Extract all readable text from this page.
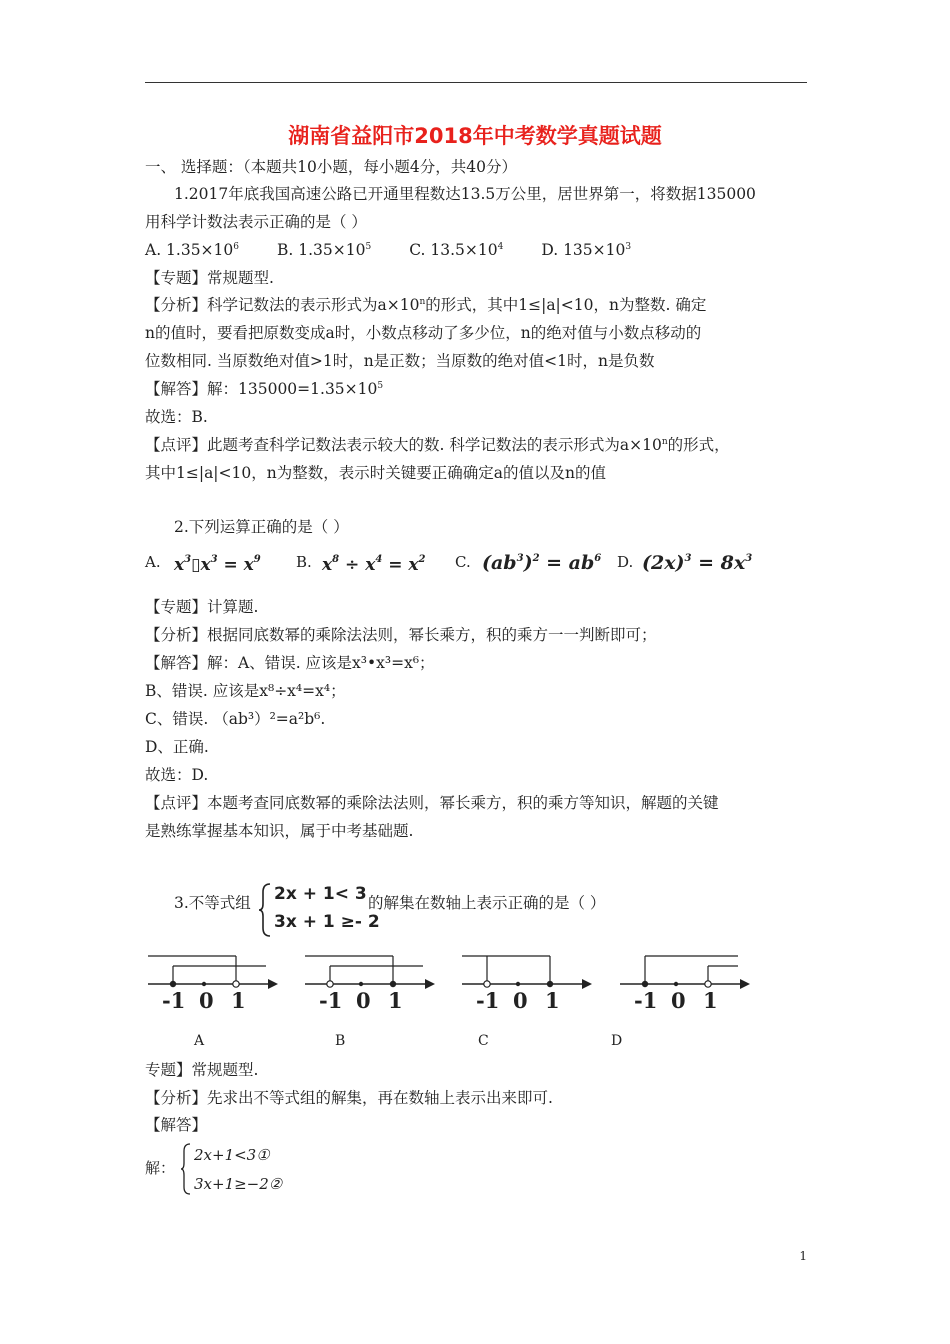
湖南省益阳市2018年中考数学真题试题
一、 选择题：（本题共10小题，每小题4分，共40分）
1.2017年底我国高速公路已开通里程数达13.5万公里，居世界第一，将数据135000
用科学计数法表示正确的是（ ）
A. $1.35\times 10^6$ B. $1.35\times 10^5$ C. $13.5\times 10^4$ D. $135\times 10^3$
【专题】常规题型.
【分析】科学记数法的表示形式为$a\times 10^n$的形式，其中1≤|a|<10，n为整数. 确定
n的值时，要看把原数变成a时，小数点移动了多少位，n的绝对值与小数点移动的
位数相同. 当原数绝对值>1时，n是正数；当原数的绝对值<1时，n是负数
【解答】解：$135000=1.35\times 10^5$
故选：B.
【点评】此题考查科学记数法表示较大的数. 科学记数法的表示形式为$a\times 10^n$的形式，
其中1≤|a|<10，n为整数，表示时关键要正确确定a的值以及n的值
2.下列运算正确的是（ ）
A. $x^3▯x^3 = x^9$ B. $x^8 \div x^4 = x^2$ C. $(ab^3)^2 = ab^6$ D. $(2x)^3 = 8x^3$
【专题】计算题.
【分析】根据同底数幂的乘除法法则，幂长乘方，积的乘方一一判断即可；
【解答】解：A、错误. 应该是x³•x³=x⁶；
B、错误. 应该是x⁸÷x⁴=x⁴；
C、错误. （ab³）²=a²b⁶.
D、正确.
故选：D.
【点评】本题考查同底数幂的乘除法法则，幂长乘方，积的乘方等知识，解题的关键
是熟练掌握基本知识，属于中考基础题.
3.不等式组 2x + 1< 3
3x + 1 ≥- 2
的解集在数轴上表示正确的是（ ）
-1 0 1	-1 0 1	-1 0 1	-1 0 1
A	B	C	D
专题】常规题型.
【分析】先求出不等式组的解集，再在数轴上表示出来即可.
【解答】
解：
2x+1<3①
3x+1≥−2②
1
